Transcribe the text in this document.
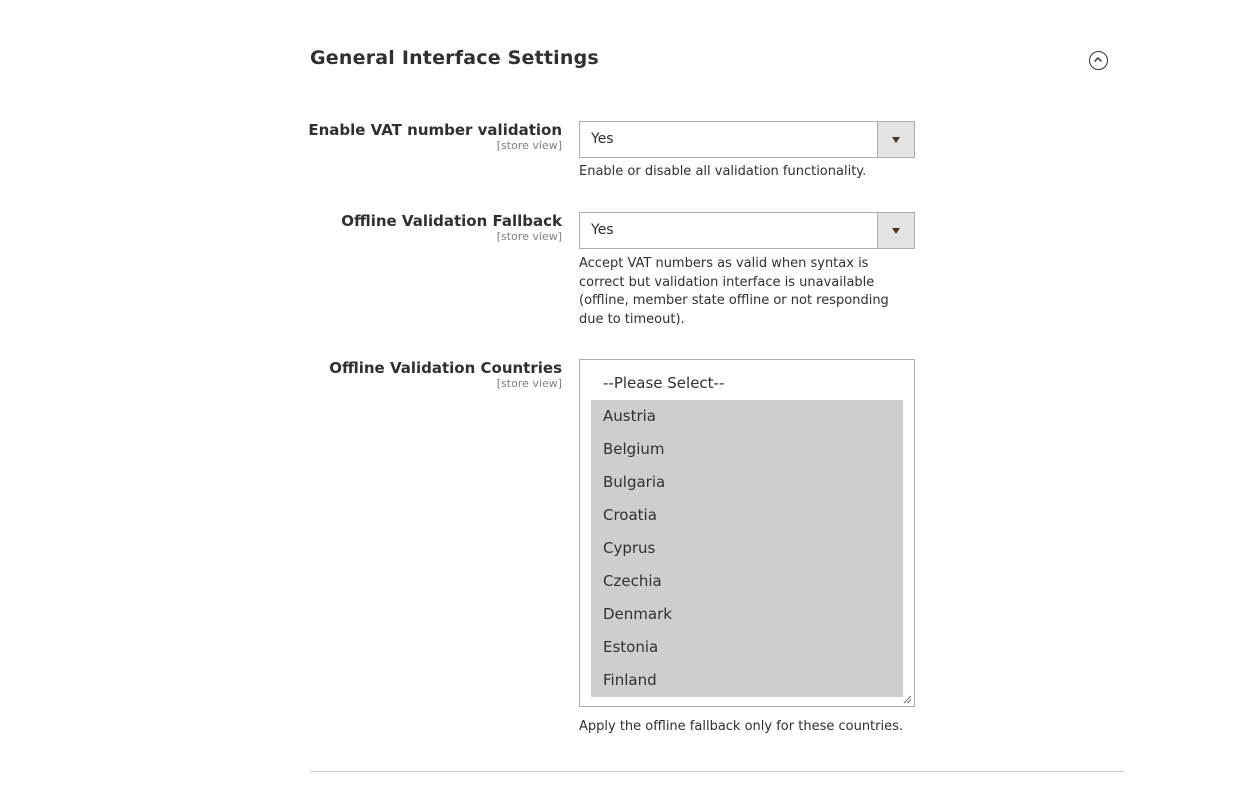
General Interface Settings
Enable VAT number validation
[store view] Yes
Enable or disable all validation functionality.
Offline Validation Fallback
[store view] Yes
Accept VAT numbers as valid when syntax is correct but validation interface is unavailable (offline, member state offline or not responding due to timeout).
Offline Validation Countries
[store view]	--Please Select--
Austria
Belgium
Bulgaria
Croatia
Cyprus
Czechia
Denmark
Estonia
Finland
Apply the offline fallback only for these countries.
